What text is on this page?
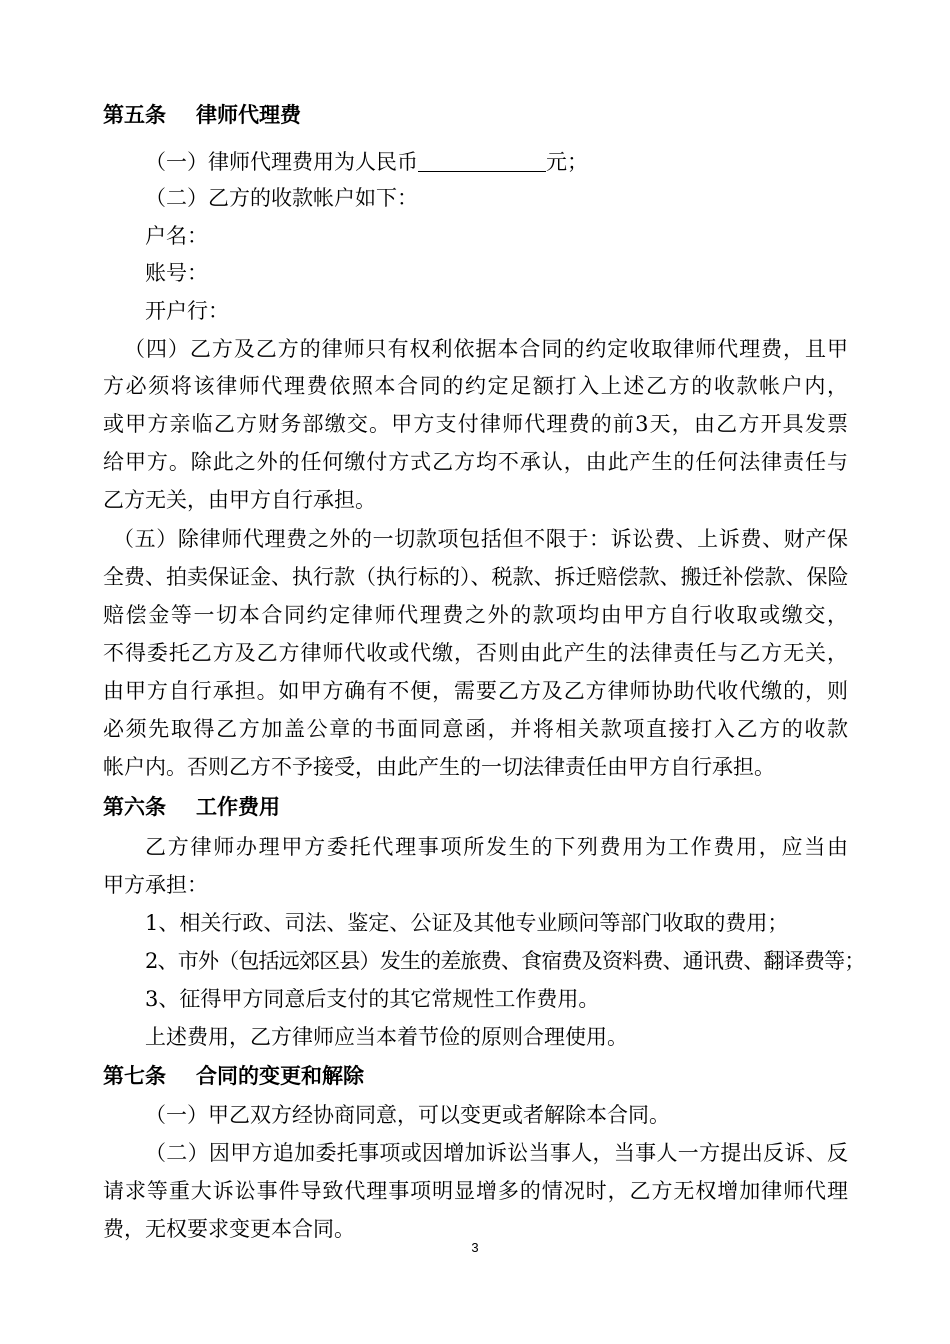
第五条 律师代理费
（一）律师代理费用为人民币	元；
（二）乙方的收款帐户如下：
户名：
账号：
开户行：
（四）乙方及乙方的律师只有权利依据本合同的约定收取律师代理费，且甲
方必须将该律师代理费依照本合同的约定足额打入上述乙方的收款帐户内，
或甲方亲临乙方财务部缴交。甲方支付律师代理费的前3天，由乙方开具发票
给甲方。除此之外的任何缴付方式乙方均不承认，由此产生的任何法律责任与
乙方无关，由甲方自行承担。
（五）除律师代理费之外的一切款项包括但不限于：诉讼费、上诉费、财产保
全费、拍卖保证金、执行款（执行标的）、税款、拆迁赔偿款、搬迁补偿款、保险
赔偿金等一切本合同约定律师代理费之外的款项均由甲方自行收取或缴交，
不得委托乙方及乙方律师代收或代缴，否则由此产生的法律责任与乙方无关，
由甲方自行承担。如甲方确有不便，需要乙方及乙方律师协助代收代缴的，则
必须先取得乙方加盖公章的书面同意函，并将相关款项直接打入乙方的收款
帐户内。否则乙方不予接受，由此产生的一切法律责任由甲方自行承担。
第六条 工作费用
乙方律师办理甲方委托代理事项所发生的下列费用为工作费用，应当由
甲方承担：
1、相关行政、司法、鉴定、公证及其他专业顾问等部门收取的费用；
2、市外（包括远郊区县）发生的差旅费、食宿费及资料费、通讯费、翻译费等；
3、征得甲方同意后支付的其它常规性工作费用。
上述费用，乙方律师应当本着节俭的原则合理使用。
第七条 合同的变更和解除
（一）甲乙双方经协商同意，可以变更或者解除本合同。
（二）因甲方追加委托事项或因增加诉讼当事人，当事人一方提出反诉、反
请求等重大诉讼事件导致代理事项明显增多的情况时，乙方无权增加律师代理
费，无权要求变更本合同。
3
